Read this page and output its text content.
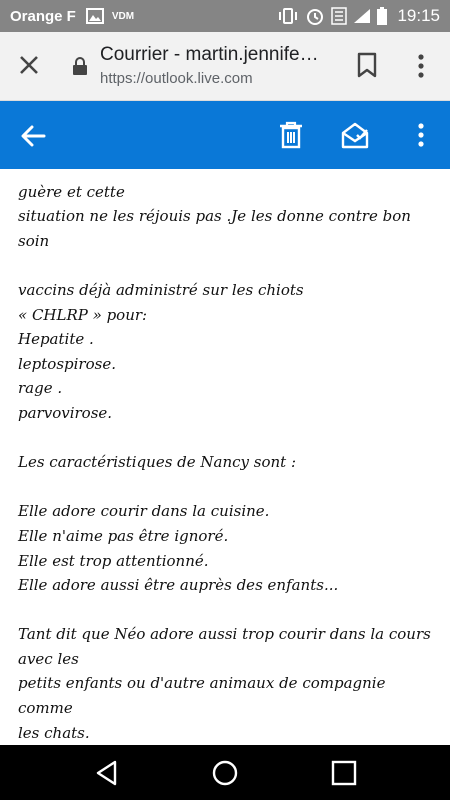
Orange F	VDM	19:15
Courrier - martin.jennife…
https://outlook.live.com

guère et cette

situation ne les réjouis pas .Je les donne contre bon soin

vaccins déjà administré sur les chiots

« CHLRP » pour:

Hepatite .

leptospirose.

rage .

parvovirose.

Les caractéristiques de Nancy sont :

Elle adore courir dans la cuisine.

Elle n'aime pas être ignoré.

Elle est trop attentionné.

Elle adore aussi être auprès des enfants...

Tant dit que Néo adore aussi trop courir dans la cours

avec les

petits enfants ou d'autre animaux de compagnie comme

les chats.
